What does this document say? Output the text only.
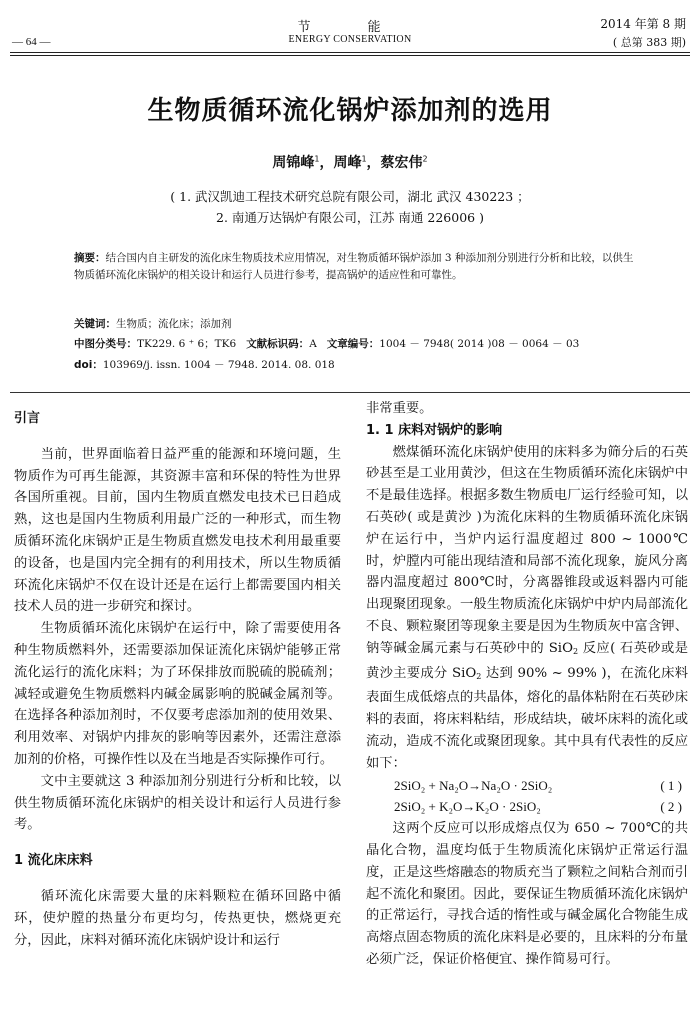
节　能
ENERGY CONSERVATION
— 64 —
2014 年第 8 期
( 总第 383 期)
生物质循环流化锅炉添加剂的选用
周锦峰$^1$，周峰$^1$，蔡宏伟$^2$
( 1. 武汉凯迪工程技术研究总院有限公司，湖北 武汉 430223 ；
2. 南通万达锅炉有限公司，江苏 南通 226006 )
摘要：结合国内自主研发的流化床生物质技术应用情况，对生物质循环锅炉添加 3 种添加剂分别进行分析和比较，以供生物质循环流化床锅炉的相关设计和运行人员进行参考，提高锅炉的适应性和可靠性。
关键词：生物质；流化床；添加剂
中图分类号：TK229. 6 ⁺ 6；TK6 文献标识码：A 文章编号：1004 － 7948( 2014 )08 － 0064 － 03
doi：103969/j. issn. 1004 － 7948. 2014. 08. 018

引言

当前，世界面临着日益严重的能源和环境问题，生物质作为可再生能源，其资源丰富和环保的特性为世界各国所重视。目前，国内生物质直燃发电技术已日趋成熟，这也是国内生物质利用最广泛的一种形式，而生物质循环流化床锅炉正是生物质直燃发电技术利用最重要的设备，也是国内完全拥有的利用技术，所以生物质循环流化床锅炉不仅在设计还是在运行上都需要国内相关技术人员的进一步研究和探讨。

生物质循环流化床锅炉在运行中，除了需要使用各种生物质燃料外，还需要添加保证流化床锅炉能够正常流化运行的流化床料；为了环保排放而脱硫的脱硫剂；减轻或避免生物质燃料内碱金属影响的脱碱金属剂等。在选择各种添加剂时，不仅要考虑添加剂的使用效果、利用效率、对锅炉内排灰的影响等因素外，还需注意添加剂的价格，可操作性以及在当地是否实际操作可行。

文中主要就这 3 种添加剂分别进行分析和比较，以供生物质循环流化床锅炉的相关设计和运行人员进行参考。

1 流化床床料

循环流化床需要大量的床料颗粒在循环回路中循环，使炉膛的热量分布更均匀，传热更快，燃烧更充分，因此，床料对循环流化床锅炉设计和运行

非常重要。

1. 1 床料对锅炉的影响

燃煤循环流化床锅炉使用的床料多为筛分后的石英砂甚至是工业用黄沙，但这在生物质循环流化床锅炉中不是最佳选择。根据多数生物质电厂运行经验可知，以石英砂( 或是黄沙 )为流化床料的生物质循环流化床锅炉在运行中，当炉内运行温度超过 800 ~ 1000℃时，炉膛内可能出现结渣和局部不流化现象，旋风分离器内温度超过 800℃时，分离器锥段或返料器内可能出现聚团现象。一般生物质流化床锅炉中炉内局部流化不良、颗粒聚团等现象主要是因为生物质灰中富含钾、钠等碱金属元素与石英砂中的 SiO$_2$ 反应( 石英砂或是黄沙主要成分 SiO$_2$ 达到 90% ~ 99% )，在流化床料表面生成低熔点的共晶体，熔化的晶体粘附在石英砂床料的表面，将床料粘结，形成结块，破坏床料的流化或流动，造成不流化或聚团现象。其中具有代表性的反应如下：

2SiO₂ + Na₂O→Na₂O · 2SiO₂	( 1 )
2SiO₂ + K₂O→K₂O · 2SiO₂	( 2 )

这两个反应可以形成熔点仅为 650 ~ 700℃的共晶化合物，温度均低于生物质流化床锅炉正常运行温度，正是这些熔融态的物质充当了颗粒之间粘合剂而引起不流化和聚团。因此，要保证生物质循环流化床锅炉的正常运行，寻找合适的惰性或与碱金属化合物能生成高熔点固态物质的流化床料是必要的，且床料的分布量必须广泛，保证价格便宜、操作简易可行。
